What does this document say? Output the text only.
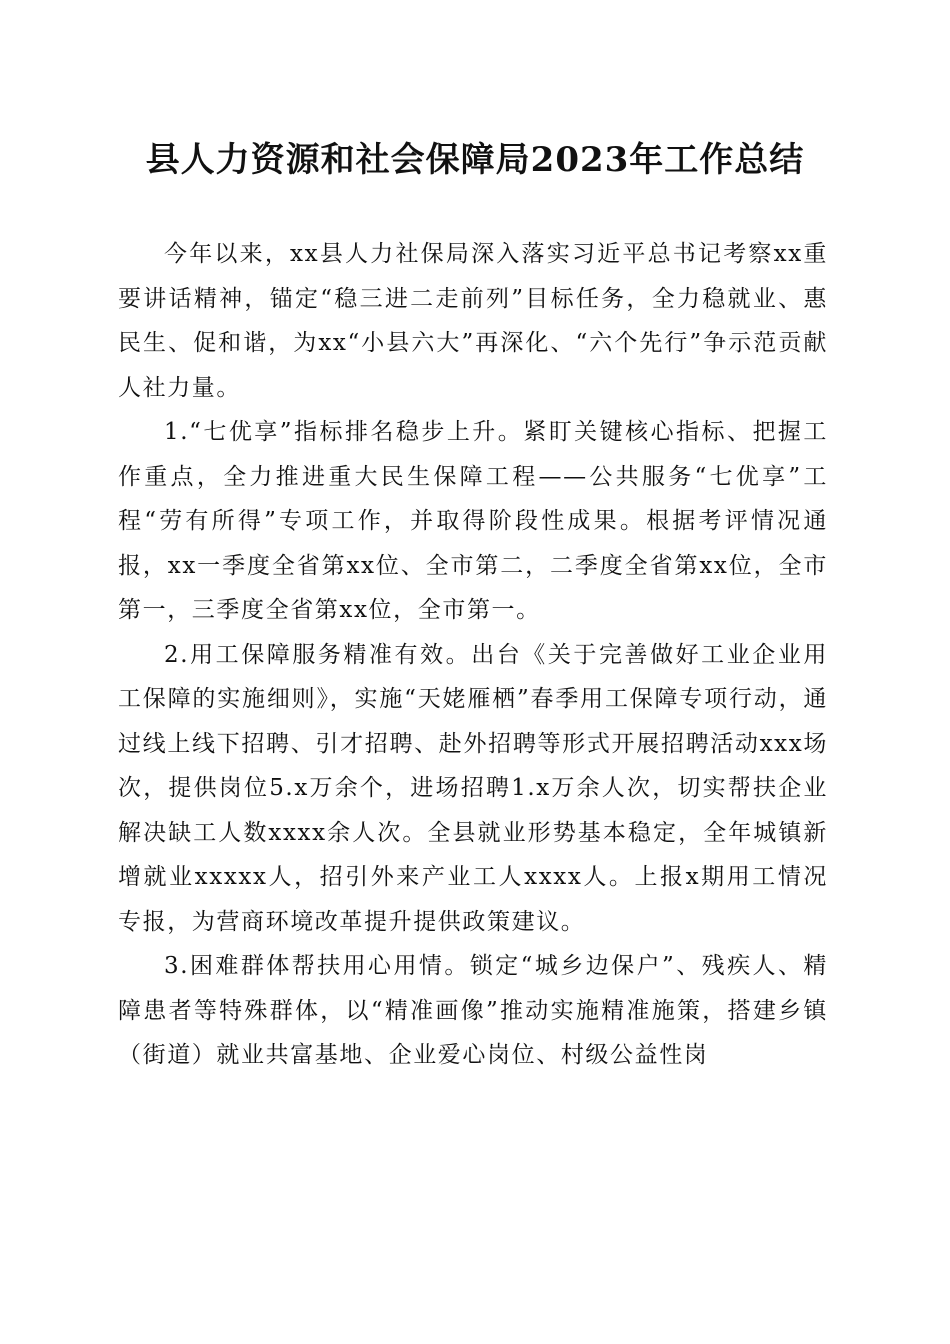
县人力资源和社会保障局2023年工作总结

今年以来，xx县人力社保局深入落实习近平总书记考察xx重要讲话精神，锚定“稳三进二走前列”目标任务，全力稳就业、惠民生、促和谐，为xx“小县六大”再深化、“六个先行”争示范贡献人社力量。

1.“七优享”指标排名稳步上升。紧盯关键核心指标、把握工作重点，全力推进重大民生保障工程——公共服务“七优享”工程“劳有所得”专项工作，并取得阶段性成果。根据考评情况通报，xx一季度全省第xx位、全市第二，二季度全省第xx位，全市第一，三季度全省第xx位，全市第一。

2.用工保障服务精准有效。出台《关于完善做好工业企业用工保障的实施细则》，实施“天姥雁栖”春季用工保障专项行动，通过线上线下招聘、引才招聘、赴外招聘等形式开展招聘活动xxx场次，提供岗位5.x万余个，进场招聘1.x万余人次，切实帮扶企业解决缺工人数xxxx余人次。全县就业形势基本稳定，全年城镇新增就业xxxxx人，招引外来产业工人xxxx人。上报x期用工情况专报，为营商环境改革提升提供政策建议。

3.困难群体帮扶用心用情。锁定“城乡边保户”、残疾人、精障患者等特殊群体，以“精准画像”推动实施精准施策，搭建乡镇（街道）就业共富基地、企业爱心岗位、村级公益性岗
